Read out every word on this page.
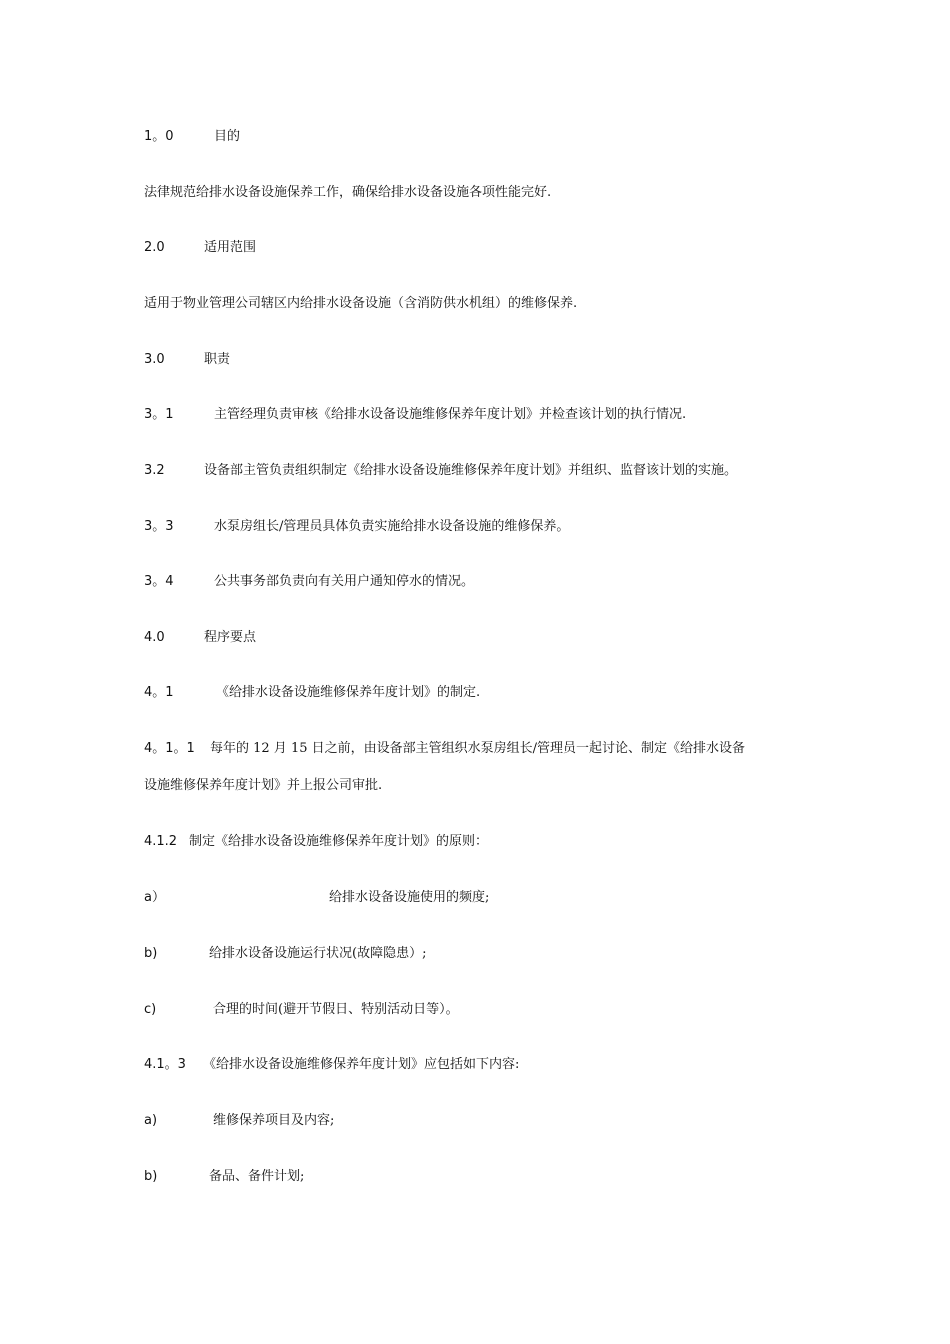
1。0	目的
法律规范给排水设备设施保养工作，确保给排水设备设施各项性能完好.
2.0	适用范围
适用于物业管理公司辖区内给排水设备设施（含消防供水机组）的维修保养.
3.0	职责
3。1	主管经理负责审核《给排水设备设施维修保养年度计划》并检查该计划的执行情况.
3.2	设备部主管负责组织制定《给排水设备设施维修保养年度计划》并组织、监督该计划的实施。
3。3	水泵房组长/管理员具体负责实施给排水设备设施的维修保养。
3。4	公共事务部负责向有关用户通知停水的情况。
4.0	程序要点
4。1	《给排水设备设施维修保养年度计划》的制定.
4。1。1 每年的 12 月 15 日之前，由设备部主管组织水泵房组长/管理员一起讨论、制定《给排水设备
设施维修保养年度计划》并上报公司审批.
4.1.2 制定《给排水设备设施维修保养年度计划》的原则：
a）	给排水设备设施使用的频度;
b)	给排水设备设施运行状况(故障隐患）;
c)	合理的时间(避开节假日、特别活动日等）。
4.1。3 《给排水设备设施维修保养年度计划》应包括如下内容:
a)	维修保养项目及内容;
b)	备品、备件计划;
